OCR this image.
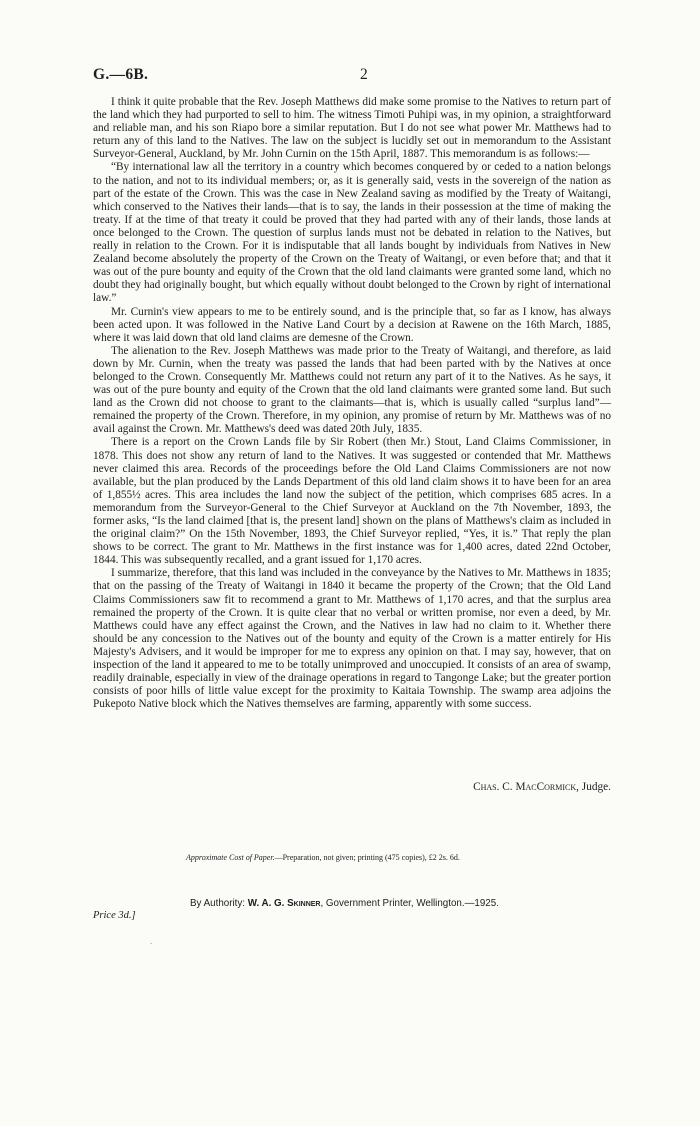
G.—6B.	2

I think it quite probable that the Rev. Joseph Matthews did make some promise to the Natives to return part of the land which they had purported to sell to him. The witness Timoti Puhipi was, in my opinion, a straightforward and reliable man, and his son Riapo bore a similar reputation. But I do not see what power Mr. Matthews had to return any of this land to the Natives. The law on the subject is lucidly set out in memorandum to the Assistant Surveyor-General, Auckland, by Mr. John Curnin on the 15th April, 1887. This memorandum is as follows:—

“By international law all the territory in a country which becomes conquered by or ceded to a nation belongs to the nation, and not to its individual members; or, as it is generally said, vests in the sovereign of the nation as part of the estate of the Crown. This was the case in New Zealand saving as modified by the Treaty of Waitangi, which conserved to the Natives their lands—that is to say, the lands in their possession at the time of making the treaty. If at the time of that treaty it could be proved that they had parted with any of their lands, those lands at once belonged to the Crown. The question of surplus lands must not be debated in relation to the Natives, but really in relation to the Crown. For it is indisputable that all lands bought by individuals from Natives in New Zealand become absolutely the property of the Crown on the Treaty of Waitangi, or even before that; and that it was out of the pure bounty and equity of the Crown that the old land claimants were granted some land, which no doubt they had originally bought, but which equally without doubt belonged to the Crown by right of international law.”

Mr. Curnin's view appears to me to be entirely sound, and is the principle that, so far as I know, has always been acted upon. It was followed in the Native Land Court by a decision at Rawene on the 16th March, 1885, where it was laid down that old land claims are demesne of the Crown.

The alienation to the Rev. Joseph Matthews was made prior to the Treaty of Waitangi, and therefore, as laid down by Mr. Curnin, when the treaty was passed the lands that had been parted with by the Natives at once belonged to the Crown. Consequently Mr. Matthews could not return any part of it to the Natives. As he says, it was out of the pure bounty and equity of the Crown that the old land claimants were granted some land. But such land as the Crown did not choose to grant to the claimants—that is, which is usually called “surplus land”—remained the property of the Crown. Therefore, in my opinion, any promise of return by Mr. Matthews was of no avail against the Crown. Mr. Matthews's deed was dated 20th July, 1835.

There is a report on the Crown Lands file by Sir Robert (then Mr.) Stout, Land Claims Commissioner, in 1878. This does not show any return of land to the Natives. It was suggested or contended that Mr. Matthews never claimed this area. Records of the proceedings before the Old Land Claims Commissioners are not now available, but the plan produced by the Lands Department of this old land claim shows it to have been for an area of 1,855½ acres. This area includes the land now the subject of the petition, which comprises 685 acres. In a memorandum from the Surveyor-General to the Chief Surveyor at Auckland on the 7th November, 1893, the former asks, “Is the land claimed [that is, the present land] shown on the plans of Matthews's claim as included in the original claim?” On the 15th November, 1893, the Chief Surveyor replied, “Yes, it is.” That reply the plan shows to be correct. The grant to Mr. Matthews in the first instance was for 1,400 acres, dated 22nd October, 1844. This was subsequently recalled, and a grant issued for 1,170 acres.

I summarize, therefore, that this land was included in the conveyance by the Natives to Mr. Matthews in 1835; that on the passing of the Treaty of Waitangi in 1840 it became the property of the Crown; that the Old Land Claims Commissioners saw fit to recommend a grant to Mr. Matthews of 1,170 acres, and that the surplus area remained the property of the Crown. It is quite clear that no verbal or written promise, nor even a deed, by Mr. Matthews could have any effect against the Crown, and the Natives in law had no claim to it. Whether there should be any concession to the Natives out of the bounty and equity of the Crown is a matter entirely for His Majesty's Advisers, and it would be improper for me to express any opinion on that. I may say, however, that on inspection of the land it appeared to me to be totally unimproved and unoccupied. It consists of an area of swamp, readily drainable, especially in view of the drainage operations in regard to Tangonge Lake; but the greater portion consists of poor hills of little value except for the proximity to Kaitaia Township. The swamp area adjoins the Pukepoto Native block which the Natives themselves are farming, apparently with some success.

Chas. C. MacCormick, Judge.
Approximate Cost of Paper.—Preparation, not given; printing (475 copies), £2 2s. 6d.
By Authority: W. A. G. Skinner, Government Printer, Wellington.—1925.
Price 3d.]
.
